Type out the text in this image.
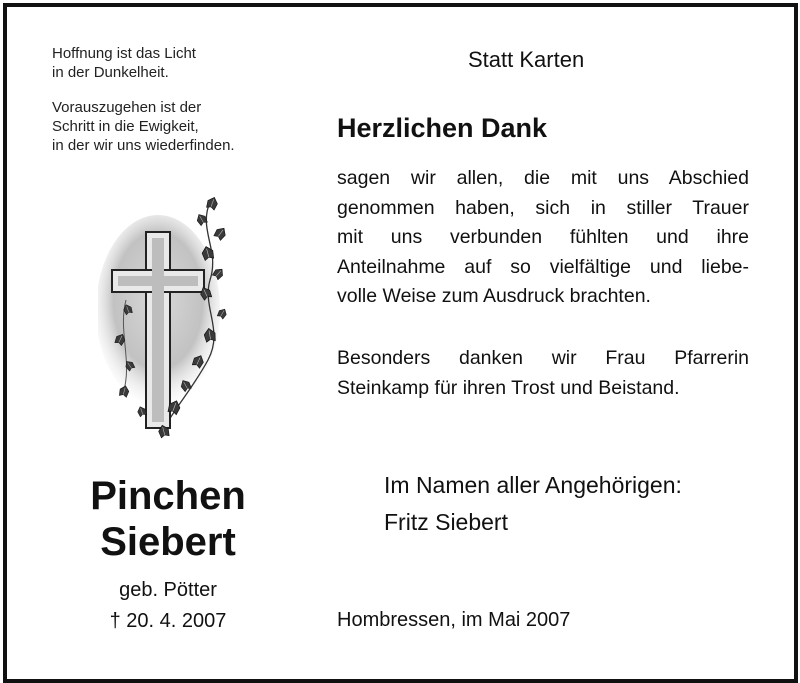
Hoffnung ist das Licht
in der Dunkelheit.
Vorauszugehen ist der
Schritt in die Ewigkeit,
in der wir uns wiederfinden.
Pinchen
Siebert
geb. Pötter
† 20. 4. 2007
Statt Karten
Herzlichen Dank
sagen wir allen, die mit uns Abschied
genommen haben, sich in stiller Trauer
mit uns verbunden fühlten und ihre
Anteilnahme auf so vielfältige und liebe-
volle Weise zum Ausdruck brachten.
Besonders danken wir Frau Pfarrerin
Steinkamp für ihren Trost und Beistand.
Im Namen aller Angehörigen:
Fritz Siebert
Hombressen, im Mai 2007
